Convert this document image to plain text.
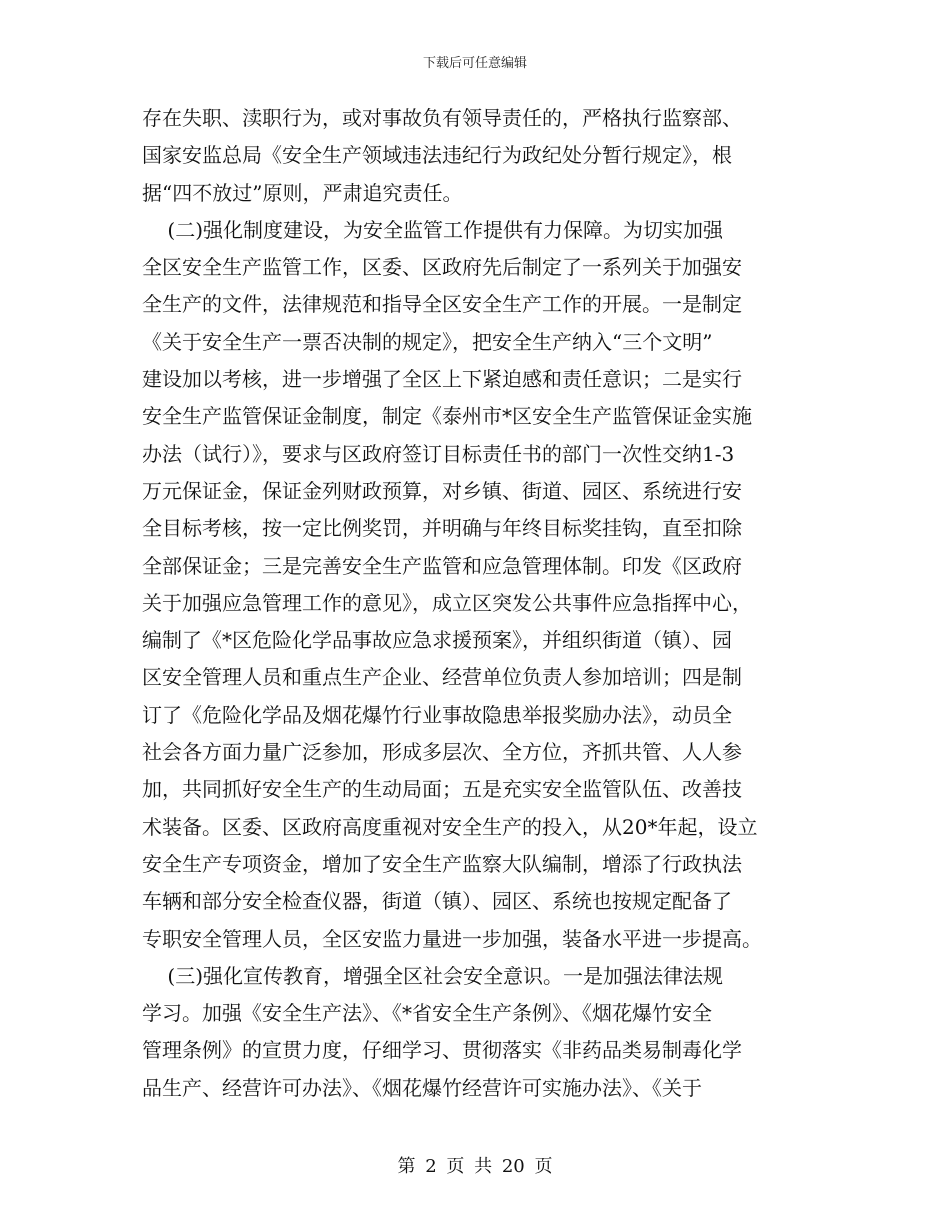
下载后可任意编辑
存在失职、渎职行为，或对事故负有领导责任的，严格执行监察部、
国家安监总局《安全生产领域违法违纪行为政纪处分暂行规定》，根
据“四不放过”原则，严肃追究责任。
(二)强化制度建设，为安全监管工作提供有力保障。为切实加强
全区安全生产监管工作，区委、区政府先后制定了一系列关于加强安
全生产的文件，法律规范和指导全区安全生产工作的开展。一是制定
《关于安全生产一票否决制的规定》，把安全生产纳入“三个文明”
建设加以考核，进一步增强了全区上下紧迫感和责任意识；二是实行
安全生产监管保证金制度，制定《泰州市*区安全生产监管保证金实施
办法（试行）》，要求与区政府签订目标责任书的部门一次性交纳1-3
万元保证金，保证金列财政预算，对乡镇、街道、园区、系统进行安
全目标考核，按一定比例奖罚，并明确与年终目标奖挂钩，直至扣除
全部保证金；三是完善安全生产监管和应急管理体制。印发《区政府
关于加强应急管理工作的意见》，成立区突发公共事件应急指挥中心，
编制了《*区危险化学品事故应急求援预案》，并组织街道（镇）、园
区安全管理人员和重点生产企业、经营单位负责人参加培训；四是制
订了《危险化学品及烟花爆竹行业事故隐患举报奖励办法》，动员全
社会各方面力量广泛参加，形成多层次、全方位，齐抓共管、人人参
加，共同抓好安全生产的生动局面；五是充实安全监管队伍、改善技
术装备。区委、区政府高度重视对安全生产的投入，从20*年起，设立
安全生产专项资金，增加了安全生产监察大队编制，增添了行政执法
车辆和部分安全检查仪器，街道（镇）、园区、系统也按规定配备了
专职安全管理人员，全区安监力量进一步加强，装备水平进一步提高。
(三)强化宣传教育，增强全区社会安全意识。一是加强法律法规
学习。加强《安全生产法》、《*省安全生产条例》、《烟花爆竹安全
管理条例》的宣贯力度，仔细学习、贯彻落实《非药品类易制毒化学
品生产、经营许可办法》、《烟花爆竹经营许可实施办法》、《关于
第 2 页 共 20 页
